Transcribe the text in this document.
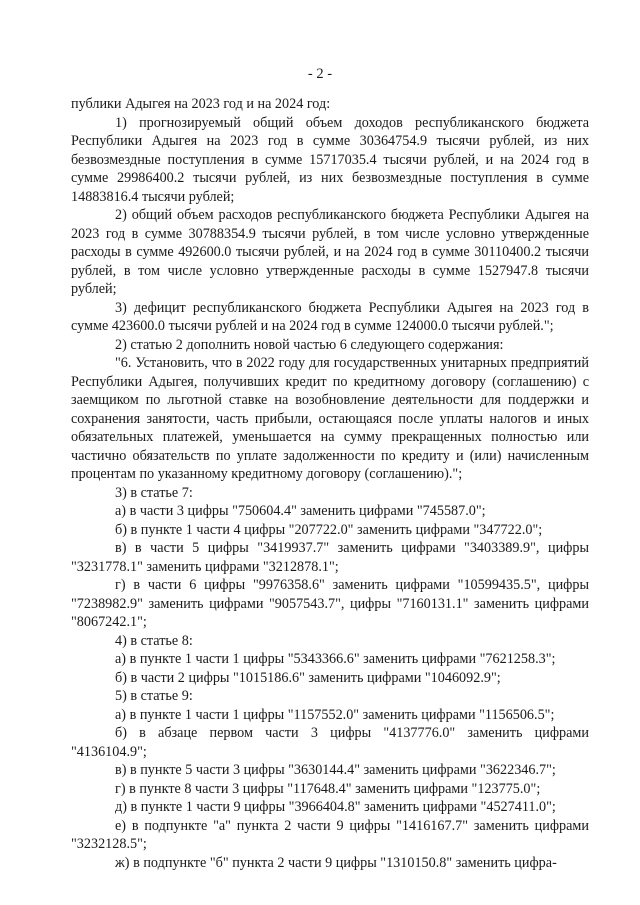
- 2 -

публики Адыгея на 2023 год и на 2024 год:

1) прогнозируемый общий объем доходов республиканского бюджета Республики Адыгея на 2023 год в сумме 30364754.9 тысячи рублей, из них безвозмездные поступления в сумме 15717035.4 тысячи рублей, и на 2024 год в сумме 29986400.2 тысячи рублей, из них безвозмездные поступления в сумме 14883816.4 тысячи рублей;

2) общий объем расходов республиканского бюджета Республики Адыгея на 2023 год в сумме 30788354.9 тысячи рублей, в том числе условно утвержденные расходы в сумме 492600.0 тысячи рублей, и на 2024 год в сумме 30110400.2 тысячи рублей, в том числе условно утвержденные расходы в сумме 1527947.8 тысячи рублей;

3) дефицит республиканского бюджета Республики Адыгея на 2023 год в сумме 423600.0 тысячи рублей и на 2024 год в сумме 124000.0 тысячи рублей.";

2) статью 2 дополнить новой частью 6 следующего содержания:

"6. Установить, что в 2022 году для государственных унитарных предприятий Республики Адыгея, получивших кредит по кредитному договору (соглашению) с заемщиком по льготной ставке на возобновление деятельности для поддержки и сохранения занятости, часть прибыли, остающаяся после уплаты налогов и иных обязательных платежей, уменьшается на сумму прекращенных полностью или частично обязательств по уплате задолженности по кредиту и (или) начисленным процентам по указанному кредитному договору (соглашению).";

3) в статье 7:

а) в части 3 цифры "750604.4" заменить цифрами "745587.0";

б) в пункте 1 части 4 цифры "207722.0" заменить цифрами "347722.0";

в) в части 5 цифры "3419937.7" заменить цифрами "3403389.9", цифры "3231778.1" заменить цифрами "3212878.1";

г) в части 6 цифры "9976358.6" заменить цифрами "10599435.5", цифры "7238982.9" заменить цифрами "9057543.7", цифры "7160131.1" заменить цифрами "8067242.1";

4) в статье 8:

а) в пункте 1 части 1 цифры "5343366.6" заменить цифрами "7621258.3";

б) в части 2 цифры "1015186.6" заменить цифрами "1046092.9";

5) в статье 9:

а) в пункте 1 части 1 цифры "1157552.0" заменить цифрами "1156506.5";

б) в абзаце первом части 3 цифры "4137776.0" заменить цифрами "4136104.9";

в) в пункте 5 части 3 цифры "3630144.4" заменить цифрами "3622346.7";

г) в пункте 8 части 3 цифры "117648.4" заменить цифрами "123775.0";

д) в пункте 1 части 9 цифры "3966404.8" заменить цифрами "4527411.0";

е) в подпункте "а" пункта 2 части 9 цифры "1416167.7" заменить цифрами "3232128.5";

ж) в подпункте "б" пункта 2 части 9 цифры "1310150.8" заменить цифра-
